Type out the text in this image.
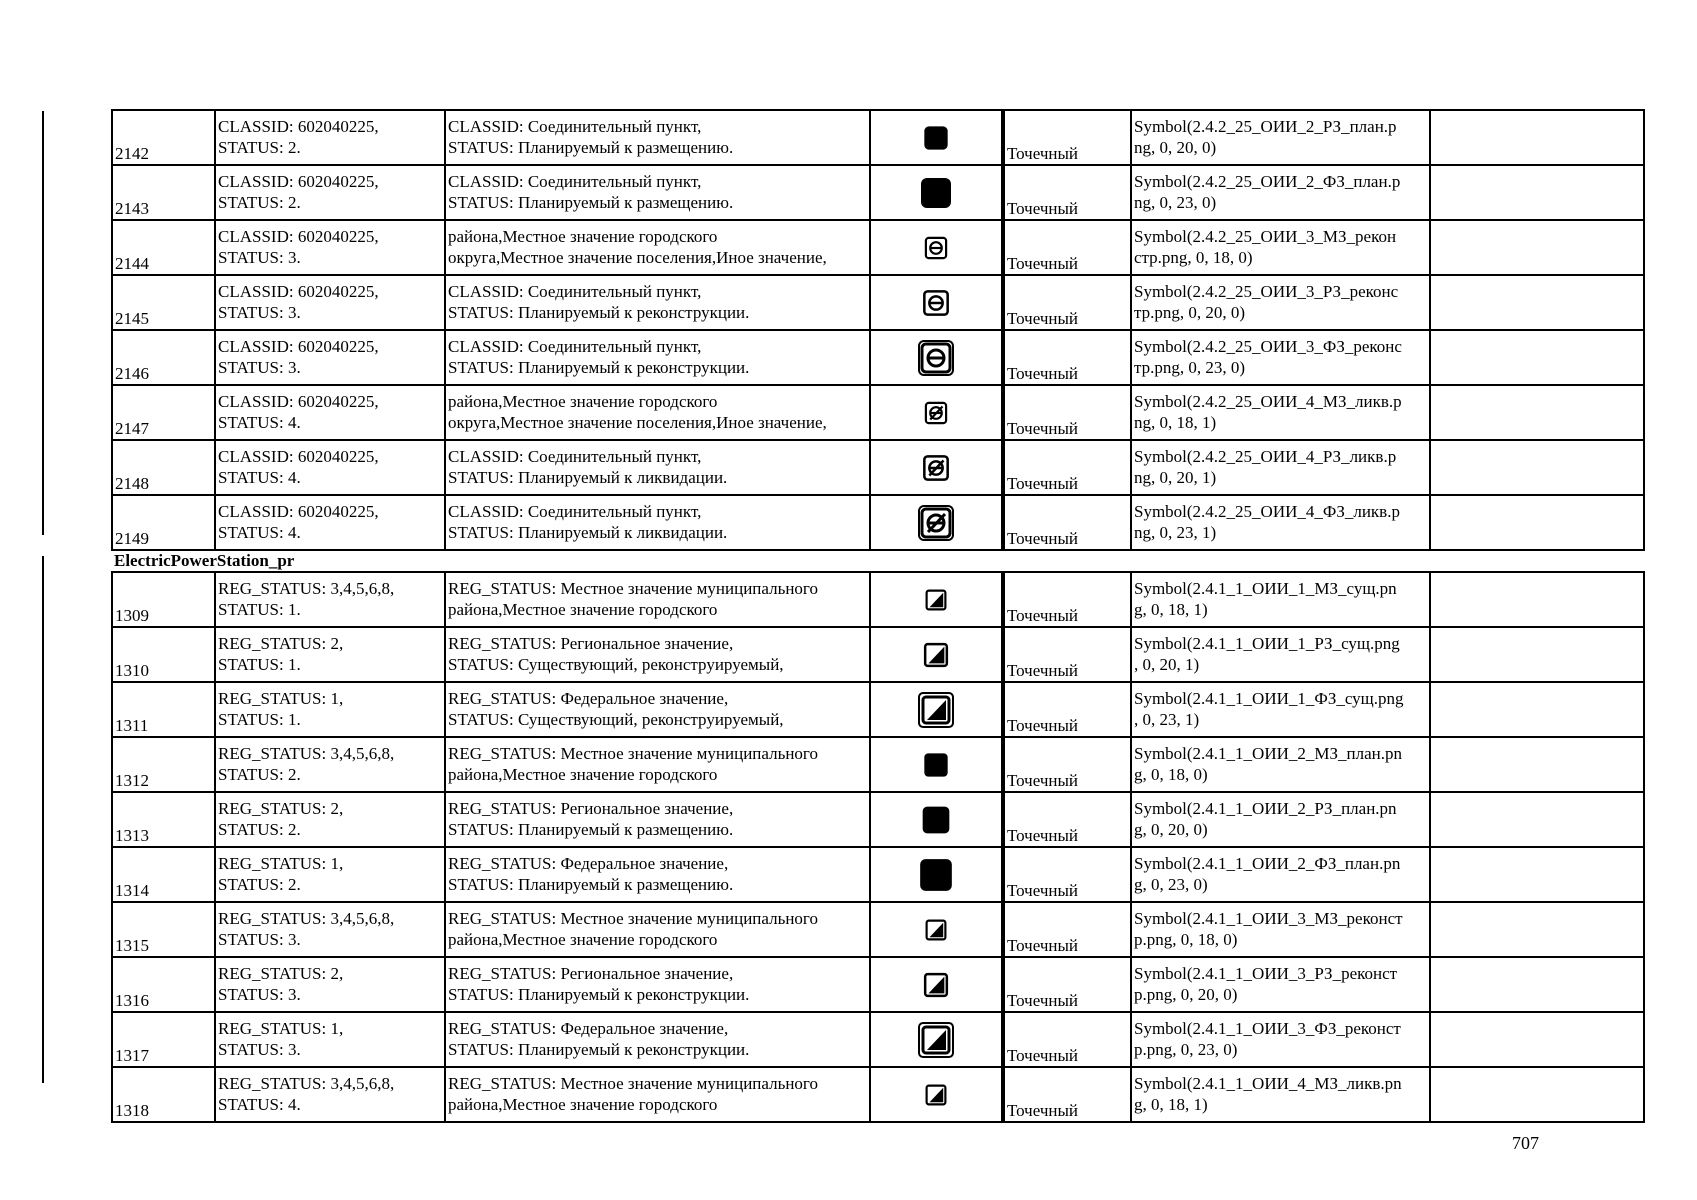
2142	CLASSID: 602040225,
STATUS: 2.	CLASSID: Соединительный пункт,
STATUS: Планируемый к размещению.		Точечный	Symbol(2.4.2_25_ОИИ_2_РЗ_план.p
ng, 0, 20, 0)	

2143	CLASSID: 602040225,
STATUS: 2.	CLASSID: Соединительный пункт,
STATUS: Планируемый к размещению.		Точечный	Symbol(2.4.2_25_ОИИ_2_ФЗ_план.p
ng, 0, 23, 0)	

2144	CLASSID: 602040225,
STATUS: 3.	района,Местное значение городского
округа,Местное значение поселения,Иное значение,		Точечный	Symbol(2.4.2_25_ОИИ_3_МЗ_рекон
стр.png, 0, 18, 0)	

2145	CLASSID: 602040225,
STATUS: 3.	CLASSID: Соединительный пункт,
STATUS: Планируемый к реконструкции.		Точечный	Symbol(2.4.2_25_ОИИ_3_РЗ_реконс
тр.png, 0, 20, 0)	

2146	CLASSID: 602040225,
STATUS: 3.	CLASSID: Соединительный пункт,
STATUS: Планируемый к реконструкции.		Точечный	Symbol(2.4.2_25_ОИИ_3_ФЗ_реконс
тр.png, 0, 23, 0)	

2147	CLASSID: 602040225,
STATUS: 4.	района,Местное значение городского
округа,Местное значение поселения,Иное значение,		Точечный	Symbol(2.4.2_25_ОИИ_4_МЗ_ликв.p
ng, 0, 18, 1)	

2148	CLASSID: 602040225,
STATUS: 4.	CLASSID: Соединительный пункт,
STATUS: Планируемый к ликвидации.		Точечный	Symbol(2.4.2_25_ОИИ_4_РЗ_ликв.p
ng, 0, 20, 1)	

2149	CLASSID: 602040225,
STATUS: 4.	CLASSID: Соединительный пункт,
STATUS: Планируемый к ликвидации.		Точечный	Symbol(2.4.2_25_ОИИ_4_ФЗ_ликв.p
ng, 0, 23, 1)	

ElectricPowerStation_pr						
1309	REG_STATUS: 3,4,5,6,8,
STATUS: 1.	REG_STATUS: Местное значение муниципального
района,Местное значение городского		Точечный	Symbol(2.4.1_1_ОИИ_1_МЗ_сущ.pn
g, 0, 18, 1)	

1310	REG_STATUS: 2,
STATUS: 1.	REG_STATUS: Региональное значение,
STATUS: Существующий, реконструируемый,		Точечный	Symbol(2.4.1_1_ОИИ_1_РЗ_сущ.png
, 0, 20, 1)	

1311	REG_STATUS: 1,
STATUS: 1.	REG_STATUS: Федеральное значение,
STATUS: Существующий, реконструируемый,		Точечный	Symbol(2.4.1_1_ОИИ_1_ФЗ_сущ.png
, 0, 23, 1)	

1312	REG_STATUS: 3,4,5,6,8,
STATUS: 2.	REG_STATUS: Местное значение муниципального
района,Местное значение городского		Точечный	Symbol(2.4.1_1_ОИИ_2_МЗ_план.pn
g, 0, 18, 0)	

1313	REG_STATUS: 2,
STATUS: 2.	REG_STATUS: Региональное значение,
STATUS: Планируемый к размещению.		Точечный	Symbol(2.4.1_1_ОИИ_2_РЗ_план.pn
g, 0, 20, 0)	

1314	REG_STATUS: 1,
STATUS: 2.	REG_STATUS: Федеральное значение,
STATUS: Планируемый к размещению.		Точечный	Symbol(2.4.1_1_ОИИ_2_ФЗ_план.pn
g, 0, 23, 0)	

1315	REG_STATUS: 3,4,5,6,8,
STATUS: 3.	REG_STATUS: Местное значение муниципального
района,Местное значение городского		Точечный	Symbol(2.4.1_1_ОИИ_3_МЗ_реконст
р.png, 0, 18, 0)	

1316	REG_STATUS: 2,
STATUS: 3.	REG_STATUS: Региональное значение,
STATUS: Планируемый к реконструкции.		Точечный	Symbol(2.4.1_1_ОИИ_3_РЗ_реконст
р.png, 0, 20, 0)	

1317	REG_STATUS: 1,
STATUS: 3.	REG_STATUS: Федеральное значение,
STATUS: Планируемый к реконструкции.		Точечный	Symbol(2.4.1_1_ОИИ_3_ФЗ_реконст
р.png, 0, 23, 0)	

1318	REG_STATUS: 3,4,5,6,8,
STATUS: 4.	REG_STATUS: Местное значение муниципального
района,Местное значение городского		Точечный	Symbol(2.4.1_1_ОИИ_4_МЗ_ликв.pn
g, 0, 18, 1)	

707
